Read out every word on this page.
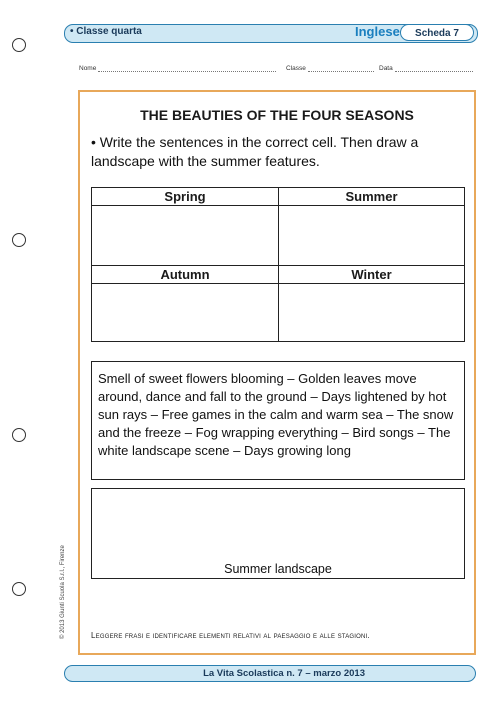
• Classe quarta	Inglese	Scheda 7
Nome	Classe	Data
THE BEAUTIES OF THE FOUR SEASONS
• Write the sentences in the correct cell. Then draw a landscape with the summer features.
Spring	Summer
Autumn	Winter
Smell of sweet flowers blooming – Golden leaves move around, dance and fall to the ground – Days lightened by hot sun rays – Free games in the calm and warm sea – The snow and the freeze – Fog wrapping everything – Bird songs – The white landscape scene – Days growing long
Summer landscape
Leggere frasi e identificare elementi relativi al paesaggio e alle stagioni.
© 2013 Giunti Scuola S.r.l., Firenze
La Vita Scolastica n. 7 – marzo 2013
